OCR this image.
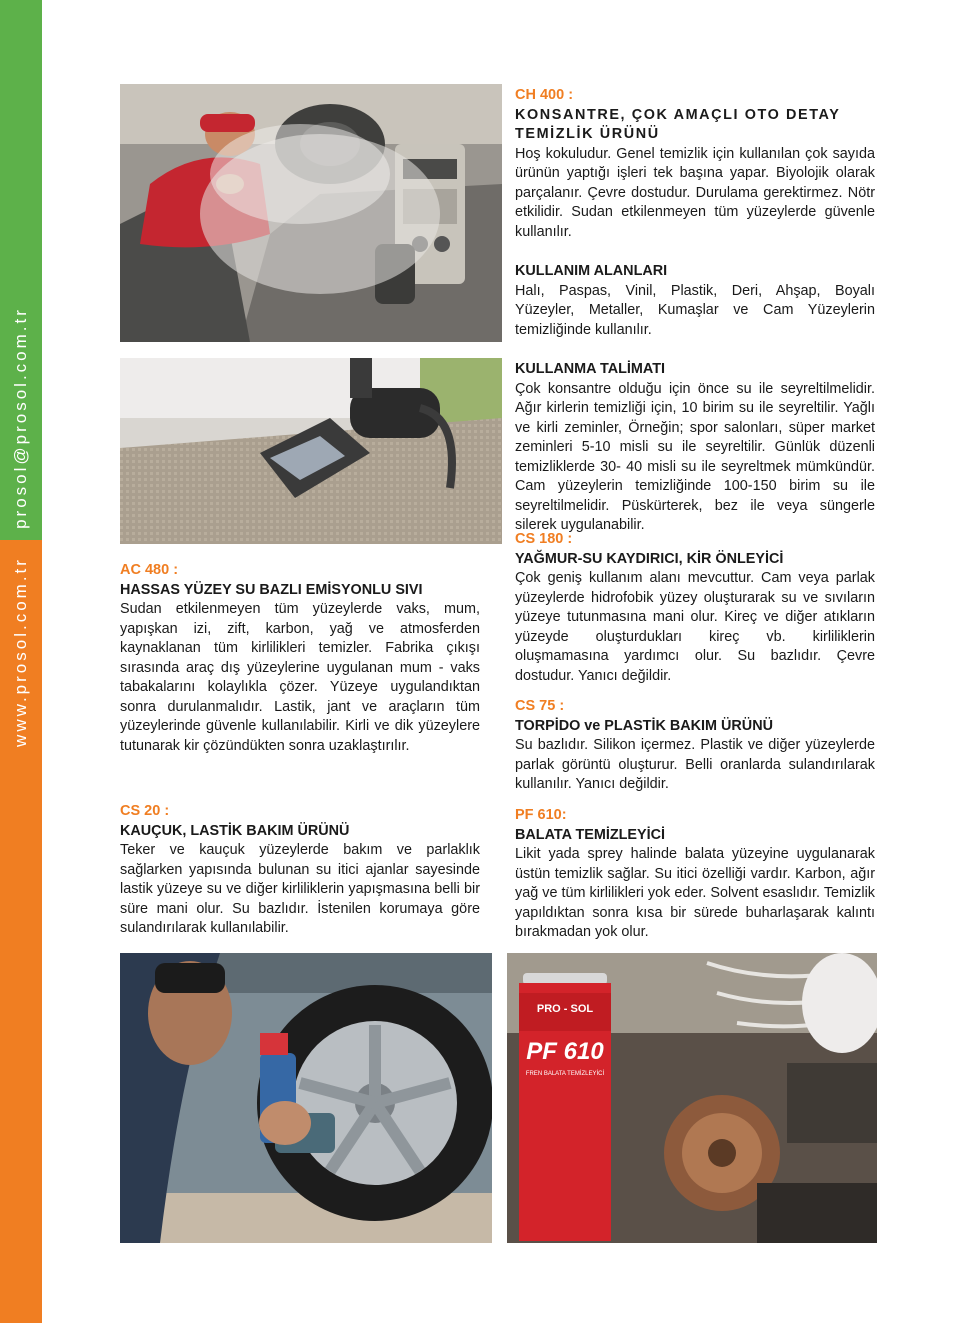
prosol@prosol.com.tr
www.prosol.com.tr
CH 400 :
KONSANTRE, ÇOK AMAÇLI OTO DETAY TEMİZLİK ÜRÜNÜ

Hoş kokuludur. Genel temizlik için kullanılan çok sayıda ürünün yaptığı işleri tek başına yapar. Biyolojik olarak parçalanır. Çevre dostudur. Durulama gerektirmez. Nötr etkilidir. Sudan etkilenmeyen tüm yüzeylerde güvenle kullanılır.

KULLANIM ALANLARI

Halı, Paspas, Vinil, Plastik, Deri, Ahşap, Boyalı Yüzeyler, Metaller, Kumaşlar ve Cam Yüzeylerin temizliğinde kullanılır.

KULLANMA TALİMATI

Çok konsantre olduğu için önce su ile seyreltilmelidir. Ağır kirlerin temizliği için, 10 birim su ile seyreltilir. Yağlı ve kirli zeminler, Örneğin; spor salonları, süper market zeminleri 5-10 misli su ile seyreltilir. Günlük düzenli temizliklerde 30- 40 misli su ile seyreltmek mümkündür. Cam yüzeylerin temizliğinde 100-150 birim su ile seyreltilmelidir. Püskürterek, bez ile veya süngerle silerek uygulanabilir.

AC 480 :
HASSAS YÜZEY SU BAZLI EMİSYONLU SIVI

Sudan etkilenmeyen tüm yüzeylerde vaks, mum, yapışkan izi, zift, karbon, yağ ve atmosferden kaynaklanan tüm kirlilikleri temizler. Fabrika çıkışı sırasında araç dış yüzeylerine uygulanan mum - vaks tabakalarını kolaylıkla çözer. Yüzeye uygulandıktan sonra durulanmalıdır. Lastik, jant ve araçların tüm yüzeylerinde güvenle kullanılabilir. Kirli ve dik yüzeylere tutunarak kir çözündükten sonra uzaklaştırılır.

CS 20 :
KAUÇUK, LASTİK BAKIM ÜRÜNÜ

Teker ve kauçuk yüzeylerde bakım ve parlaklık sağlarken yapısında bulunan su itici ajanlar sayesinde lastik yüzeye su ve diğer kirliliklerin yapışmasına belli bir süre mani olur. Su bazlıdır. İstenilen korumaya göre sulandırılarak kullanılabilir.

CS 180 :
YAĞMUR-SU KAYDIRICI, KİR ÖNLEYİCİ

Çok geniş kullanım alanı mevcuttur. Cam veya parlak yüzeylerde hidrofobik yüzey oluşturarak su ve sıvıların yüzeye tutunmasına mani olur. Kireç ve diğer atıkların yüzeyde oluşturdukları kireç vb. kirliliklerin oluşmamasına yardımcı olur. Su bazlıdır. Çevre dostudur. Yanıcı değildir.

CS 75 :
TORPİDO ve PLASTİK BAKIM ÜRÜNÜ

Su bazlıdır. Silikon içermez. Plastik ve diğer yüzeylerde parlak görüntü oluşturur. Belli oranlarda sulandırılarak kullanılır. Yanıcı değildir.

PF 610:
BALATA TEMİZLEYİCİ

Likit yada sprey halinde balata yüzeyine uygulanarak üstün temizlik sağlar. Su itici özelliği vardır. Karbon, ağır yağ ve tüm kirlilikleri yok eder. Solvent esaslıdır. Temizlik yapıldıktan sonra kısa bir sürede buharlaşarak kalıntı bırakmadan yok olur.

PRO - SOL
PF 610
FREN BALATA TEMİZLEYİCİ
